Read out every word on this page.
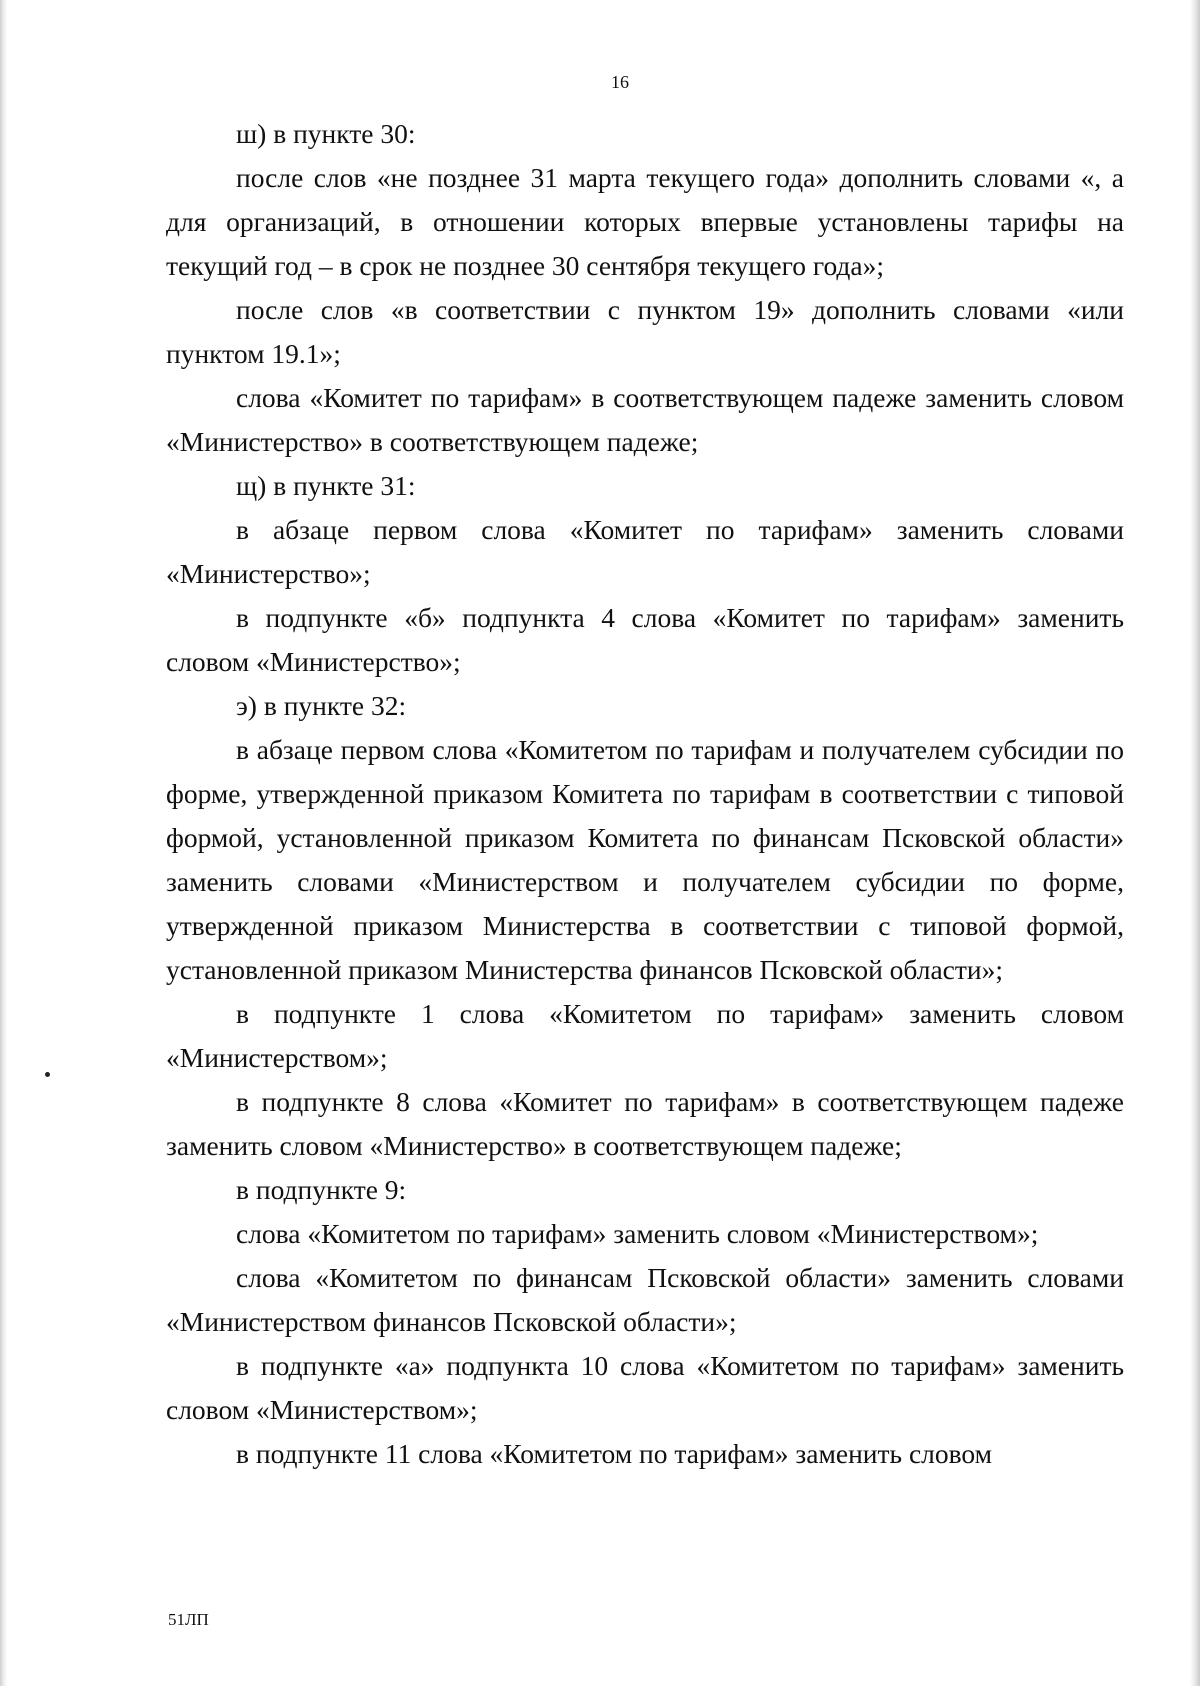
16

ш) в пункте 30:

после слов «не позднее 31 марта текущего года» дополнить словами «, а для организаций, в отношении которых впервые установлены тарифы на текущий год – в срок не позднее 30 сентября текущего года»;

после слов «в соответствии с пунктом 19» дополнить словами «или пунктом 19.1»;

слова «Комитет по тарифам» в соответствующем падеже заменить словом «Министерство» в соответствующем падеже;

щ) в пункте 31:

в абзаце первом слова «Комитет по тарифам» заменить словами «Министерство»;

в подпункте «б» подпункта 4 слова «Комитет по тарифам» заменить словом «Министерство»;

э) в пункте 32:

в абзаце первом слова «Комитетом по тарифам и получателем субсидии по форме, утвержденной приказом Комитета по тарифам в соответствии с типовой формой, установленной приказом Комитета по финансам Псковской области» заменить словами «Министерством и получателем субсидии по форме, утвержденной приказом Министерства в соответствии с типовой формой, установленной приказом Министерства финансов Псковской области»;

в подпункте 1 слова «Комитетом по тарифам» заменить словом «Министерством»;

в подпункте 8 слова «Комитет по тарифам» в соответствующем падеже заменить словом «Министерство» в соответствующем падеже;

в подпункте 9:

слова «Комитетом по тарифам» заменить словом «Министерством»;

слова «Комитетом по финансам Псковской области» заменить словами «Министерством финансов Псковской области»;

в подпункте «а» подпункта 10 слова «Комитетом по тарифам» заменить словом «Министерством»;

в подпункте 11 слова «Комитетом по тарифам» заменить словом

51ЛП
